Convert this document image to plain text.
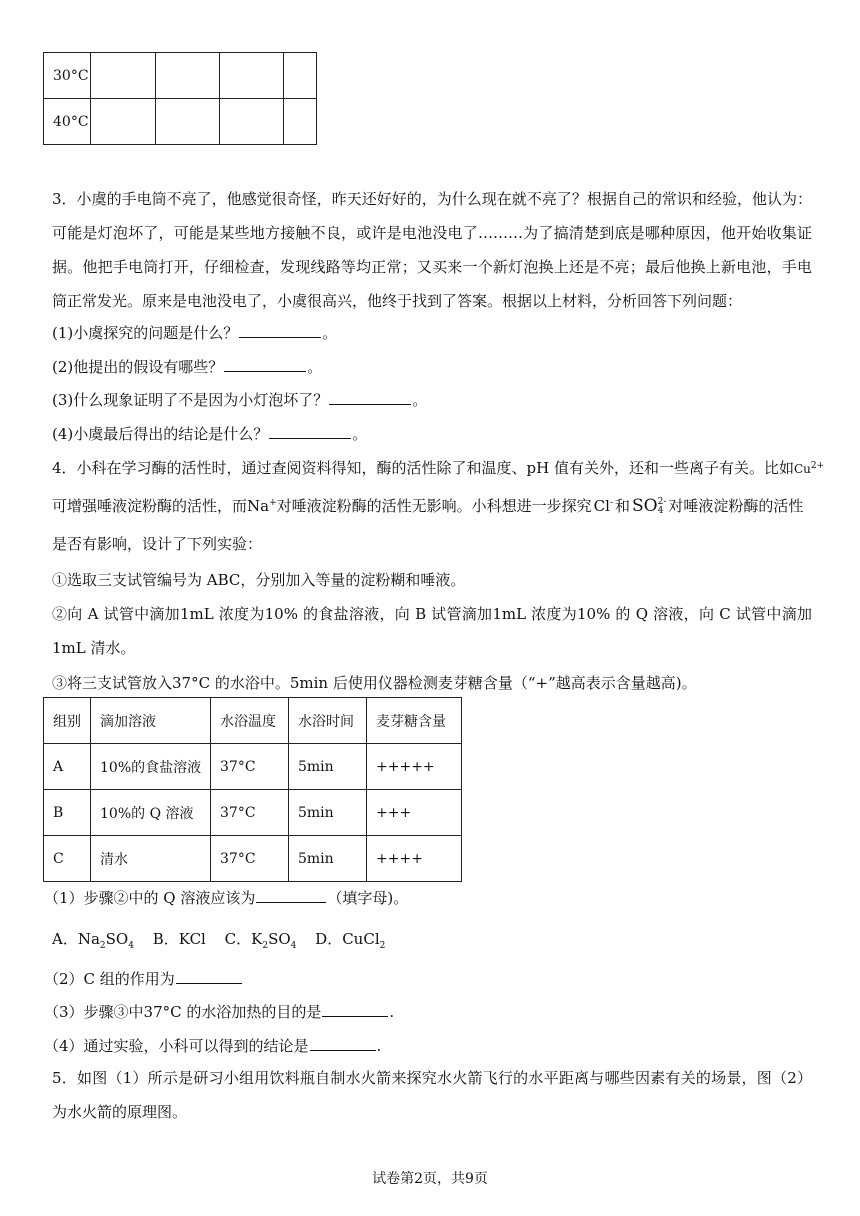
30°C				
40°C				

3．小虞的手电筒不亮了，他感觉很奇怪，昨天还好好的，为什么现在就不亮了？根据自己的常识和经验，他认为：可能是灯泡坏了，可能是某些地方接触不良，或许是电池没电了………为了搞清楚到底是哪种原因，他开始收集证据。他把手电筒打开，仔细检查，发现线路等均正常；又买来一个新灯泡换上还是不亮；最后他换上新电池，手电筒正常发光。原来是电池没电了，小虞很高兴，他终于找到了答案。根据以上材料，分析回答下列问题：

(1)小虞探究的问题是什么？	。
(2)他提出的假设有哪些？	。
(3)什么现象证明了不是因为小灯泡坏了？	。
(4)小虞最后得出的结论是什么？	。
4．小科在学习酶的活性时，通过查阅资料得知，酶的活性除了和温度、pH 值有关外，还和一些离子有关。比如$Cu^{2+}$
可增强唾液淀粉酶的活性，而Na+对唾液淀粉酶的活性无影响。小科想进一步探究 Cl- 和 SO 2-
4 对唾液淀粉酶的活性
是否有影响，设计了下列实验：
①选取三支试管编号为 ABC，分别加入等量的淀粉糊和唾液。

②向 A 试管中滴加1mL 浓度为10% 的食盐溶液，向 B 试管滴加1mL 浓度为10% 的 Q 溶液，向 C 试管中滴加1mL 清水。

③将三支试管放入37°C 的水浴中。5min 后使用仪器检测麦芽糖含量（“+”越高表示含量越高)。
组别	滴加溶液	水浴温度	水浴时间	麦芽糖含量
A	10%的食盐溶液	37°C	5min	+++++
B	10%的 Q 溶液	37°C	5min	+++
C	清水	37°C	5min	++++
（1）步骤②中的 Q 溶液应该为	（填字母)。
A．$Na_2SO_4$ B．KCl C．$K_2SO_4$ D．CuCl$_2$
（2）C 组的作用为
（3）步骤③中37°C 的水浴加热的目的是	.
（4）通过实验，小科可以得到的结论是	.

5．如图（1）所示是研习小组用饮料瓶自制水火箭来探究水火箭飞行的水平距离与哪些因素有关的场景，图（2）为水火箭的原理图。

试卷第2页，共9页
